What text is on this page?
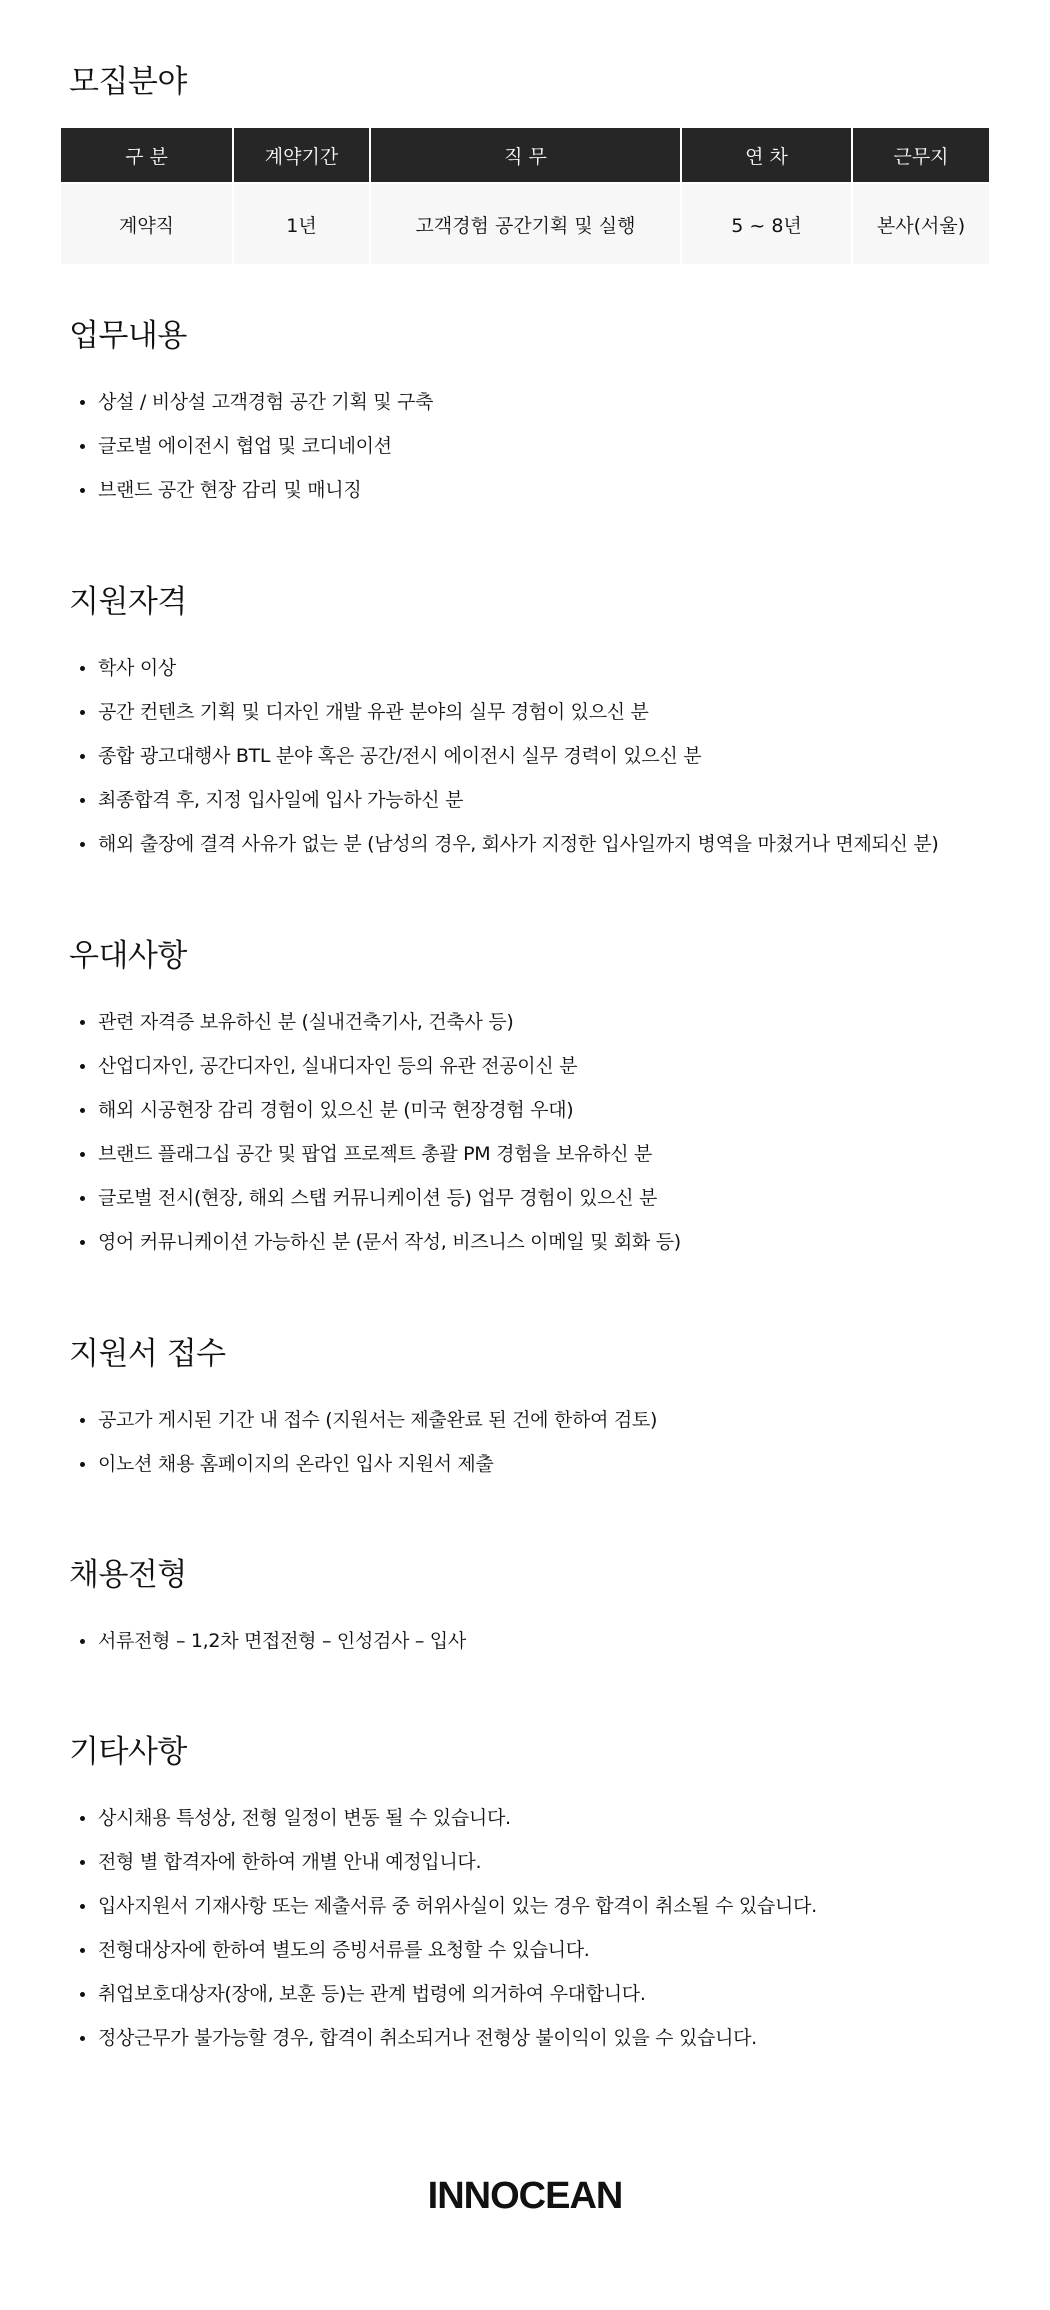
모집분야
구 분	계약기간	직 무	연 차	근무지
계약직	1년	고객경험 공간기획 및 실행	5 ~ 8년	본사(서울)
업무내용
상설 / 비상설 고객경험 공간 기획 및 구축
글로벌 에이전시 협업 및 코디네이션
브랜드 공간 현장 감리 및 매니징
지원자격
학사 이상
공간 컨텐츠 기획 및 디자인 개발 유관 분야의 실무 경험이 있으신 분
종합 광고대행사 BTL 분야 혹은 공간/전시 에이전시 실무 경력이 있으신 분
최종합격 후, 지정 입사일에 입사 가능하신 분
해외 출장에 결격 사유가 없는 분 (남성의 경우, 회사가 지정한 입사일까지 병역을 마쳤거나 면제되신 분)
우대사항
관련 자격증 보유하신 분 (실내건축기사, 건축사 등)
산업디자인, 공간디자인, 실내디자인 등의 유관 전공이신 분
해외 시공현장 감리 경험이 있으신 분 (미국 현장경험 우대)
브랜드 플래그십 공간 및 팝업 프로젝트 총괄 PM 경험을 보유하신 분
글로벌 전시(현장, 해외 스탭 커뮤니케이션 등) 업무 경험이 있으신 분
영어 커뮤니케이션 가능하신 분 (문서 작성, 비즈니스 이메일 및 회화 등)
지원서 접수
공고가 게시된 기간 내 접수 (지원서는 제출완료 된 건에 한하여 검토)
이노션 채용 홈페이지의 온라인 입사 지원서 제출
채용전형
서류전형 – 1,2차 면접전형 – 인성검사 – 입사
기타사항
상시채용 특성상, 전형 일정이 변동 될 수 있습니다.
전형 별 합격자에 한하여 개별 안내 예정입니다.
입사지원서 기재사항 또는 제출서류 중 허위사실이 있는 경우 합격이 취소될 수 있습니다.
전형대상자에 한하여 별도의 증빙서류를 요청할 수 있습니다.
취업보호대상자(장애, 보훈 등)는 관계 법령에 의거하여 우대합니다.
정상근무가 불가능할 경우, 합격이 취소되거나 전형상 불이익이 있을 수 있습니다.
INNOCEAN
